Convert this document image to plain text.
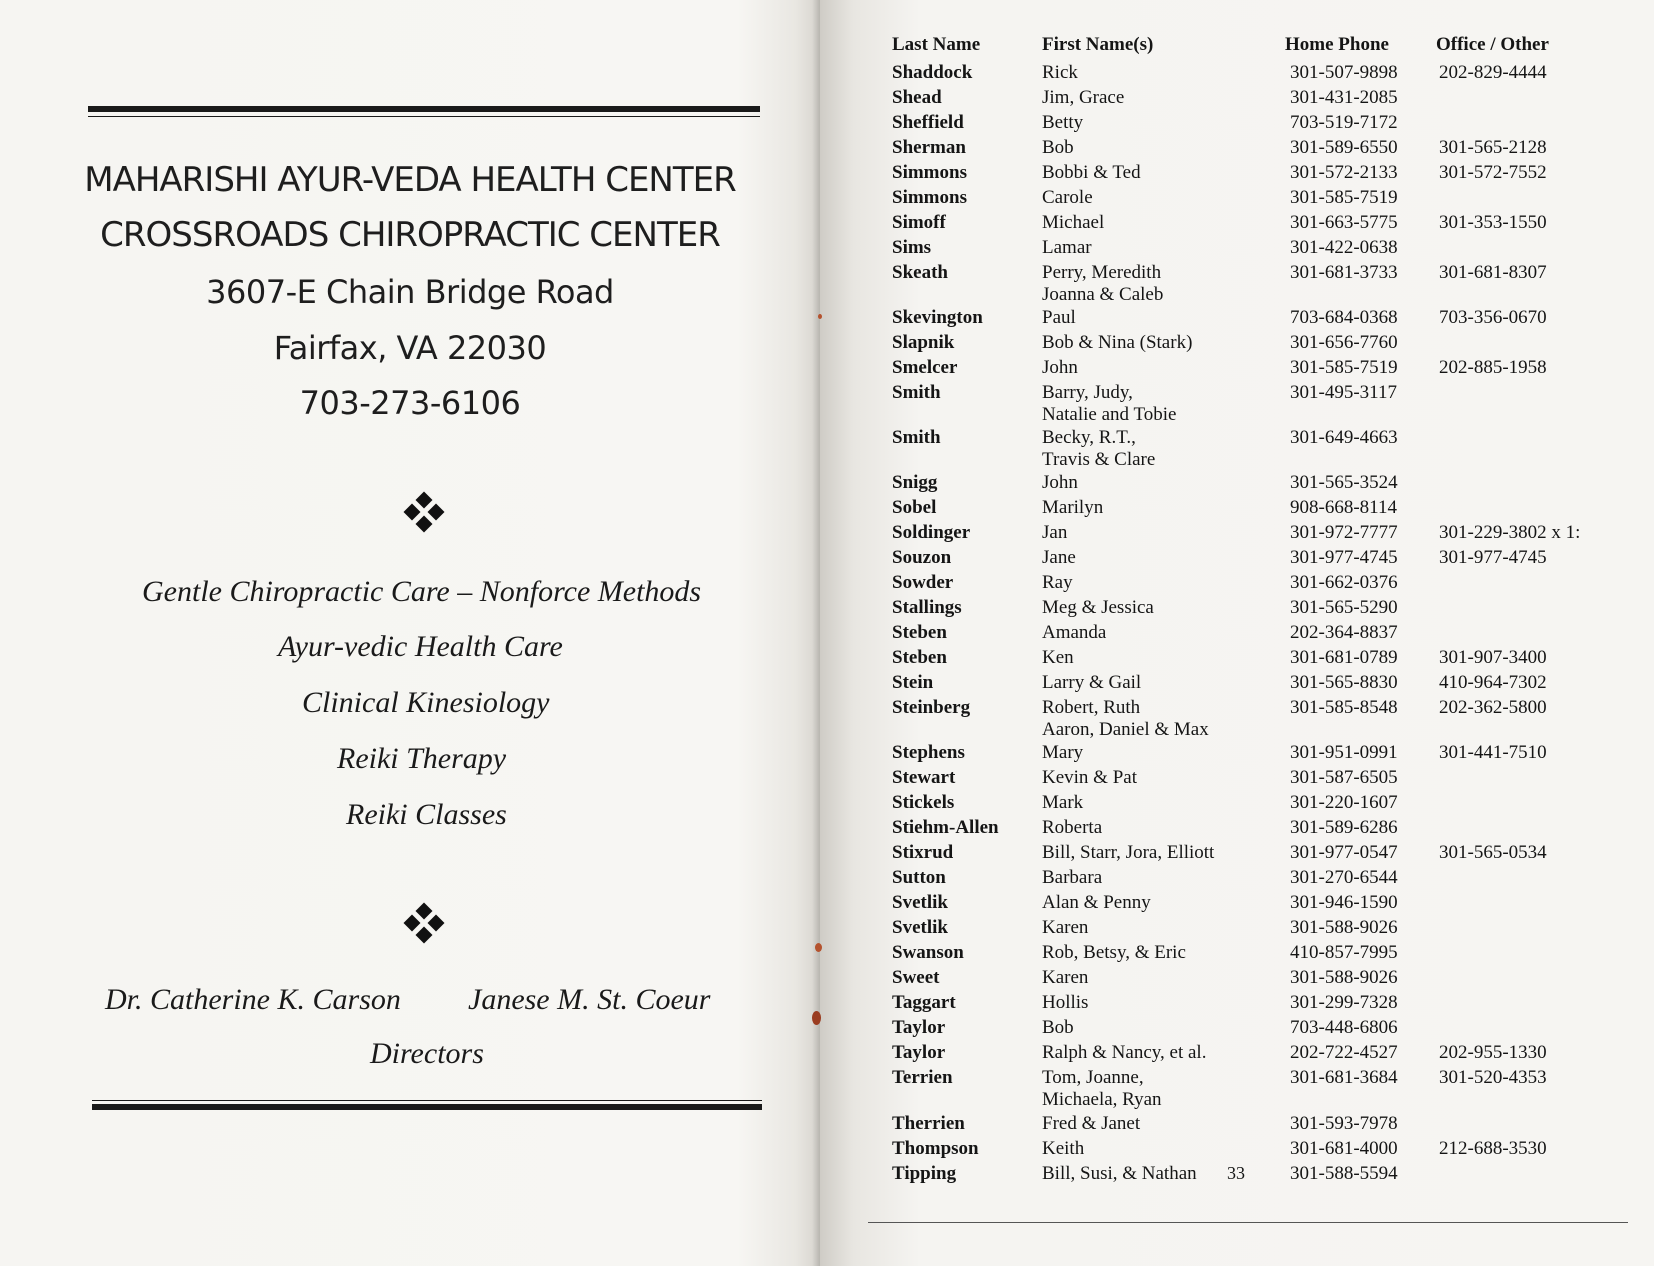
MAHARISHI AYUR-VEDA HEALTH CENTER
CROSSROADS CHIROPRACTIC CENTER
3607-E Chain Bridge Road
Fairfax, VA 22030
703-273-6106
Gentle Chiropractic Care – Nonforce Methods
Ayur-vedic Health Care
Clinical Kinesiology
Reiki Therapy
Reiki Classes
Dr. Catherine K. Carson Janese M. St. Coeur
Directors
Last Name	First Name(s)	Home Phone Office / Other
Shaddock	Rick	301-507-9898 202-829-4444
Shead	Jim, Grace	301-431-2085
Sheffield	Betty	703-519-7172
Sherman	Bob	301-589-6550 301-565-2128
Simmons	Bobbi & Ted	301-572-2133 301-572-7552
Simmons	Carole	301-585-7519
Simoff	Michael	301-663-5775 301-353-1550
Sims	Lamar	301-422-0638
Skeath	Perry, Meredith	301-681-3733 301-681-8307
Joanna & Caleb
Skevington	Paul	703-684-0368 703-356-0670
Slapnik	Bob & Nina (Stark)	301-656-7760
Smelcer	John	301-585-7519 202-885-1958
Smith	Barry, Judy,	301-495-3117
Natalie and Tobie
Smith	Becky, R.T.,	301-649-4663
Travis & Clare
Snigg	John	301-565-3524
Sobel	Marilyn	908-668-8114
Soldinger	Jan	301-972-7777 301-229-3802 x 1:
Souzon	Jane	301-977-4745 301-977-4745
Sowder	Ray	301-662-0376
Stallings	Meg & Jessica	301-565-5290
Steben	Amanda	202-364-8837
Steben	Ken	301-681-0789 301-907-3400
Stein	Larry & Gail	301-565-8830 410-964-7302
Steinberg	Robert, Ruth	301-585-8548 202-362-5800
Aaron, Daniel & Max
Stephens	Mary	301-951-0991 301-441-7510
Stewart	Kevin & Pat	301-587-6505
Stickels	Mark	301-220-1607
Stiehm-Allen Roberta	301-589-6286
Stixrud	Bill, Starr, Jora, Elliott	301-977-0547 301-565-0534
Sutton	Barbara	301-270-6544
Svetlik	Alan & Penny	301-946-1590
Svetlik	Karen	301-588-9026
Swanson	Rob, Betsy, & Eric	410-857-7995
Sweet	Karen	301-588-9026
Taggart	Hollis	301-299-7328
Taylor	Bob	703-448-6806
Taylor	Ralph & Nancy, et al.	202-722-4527 202-955-1330
Terrien	Tom, Joanne,	301-681-3684 301-520-4353
Michaela, Ryan
Therrien	Fred & Janet	301-593-7978
Thompson	Keith	301-681-4000 212-688-3530
Tipping	Bill, Susi, & Nathan	301-588-5594
33
